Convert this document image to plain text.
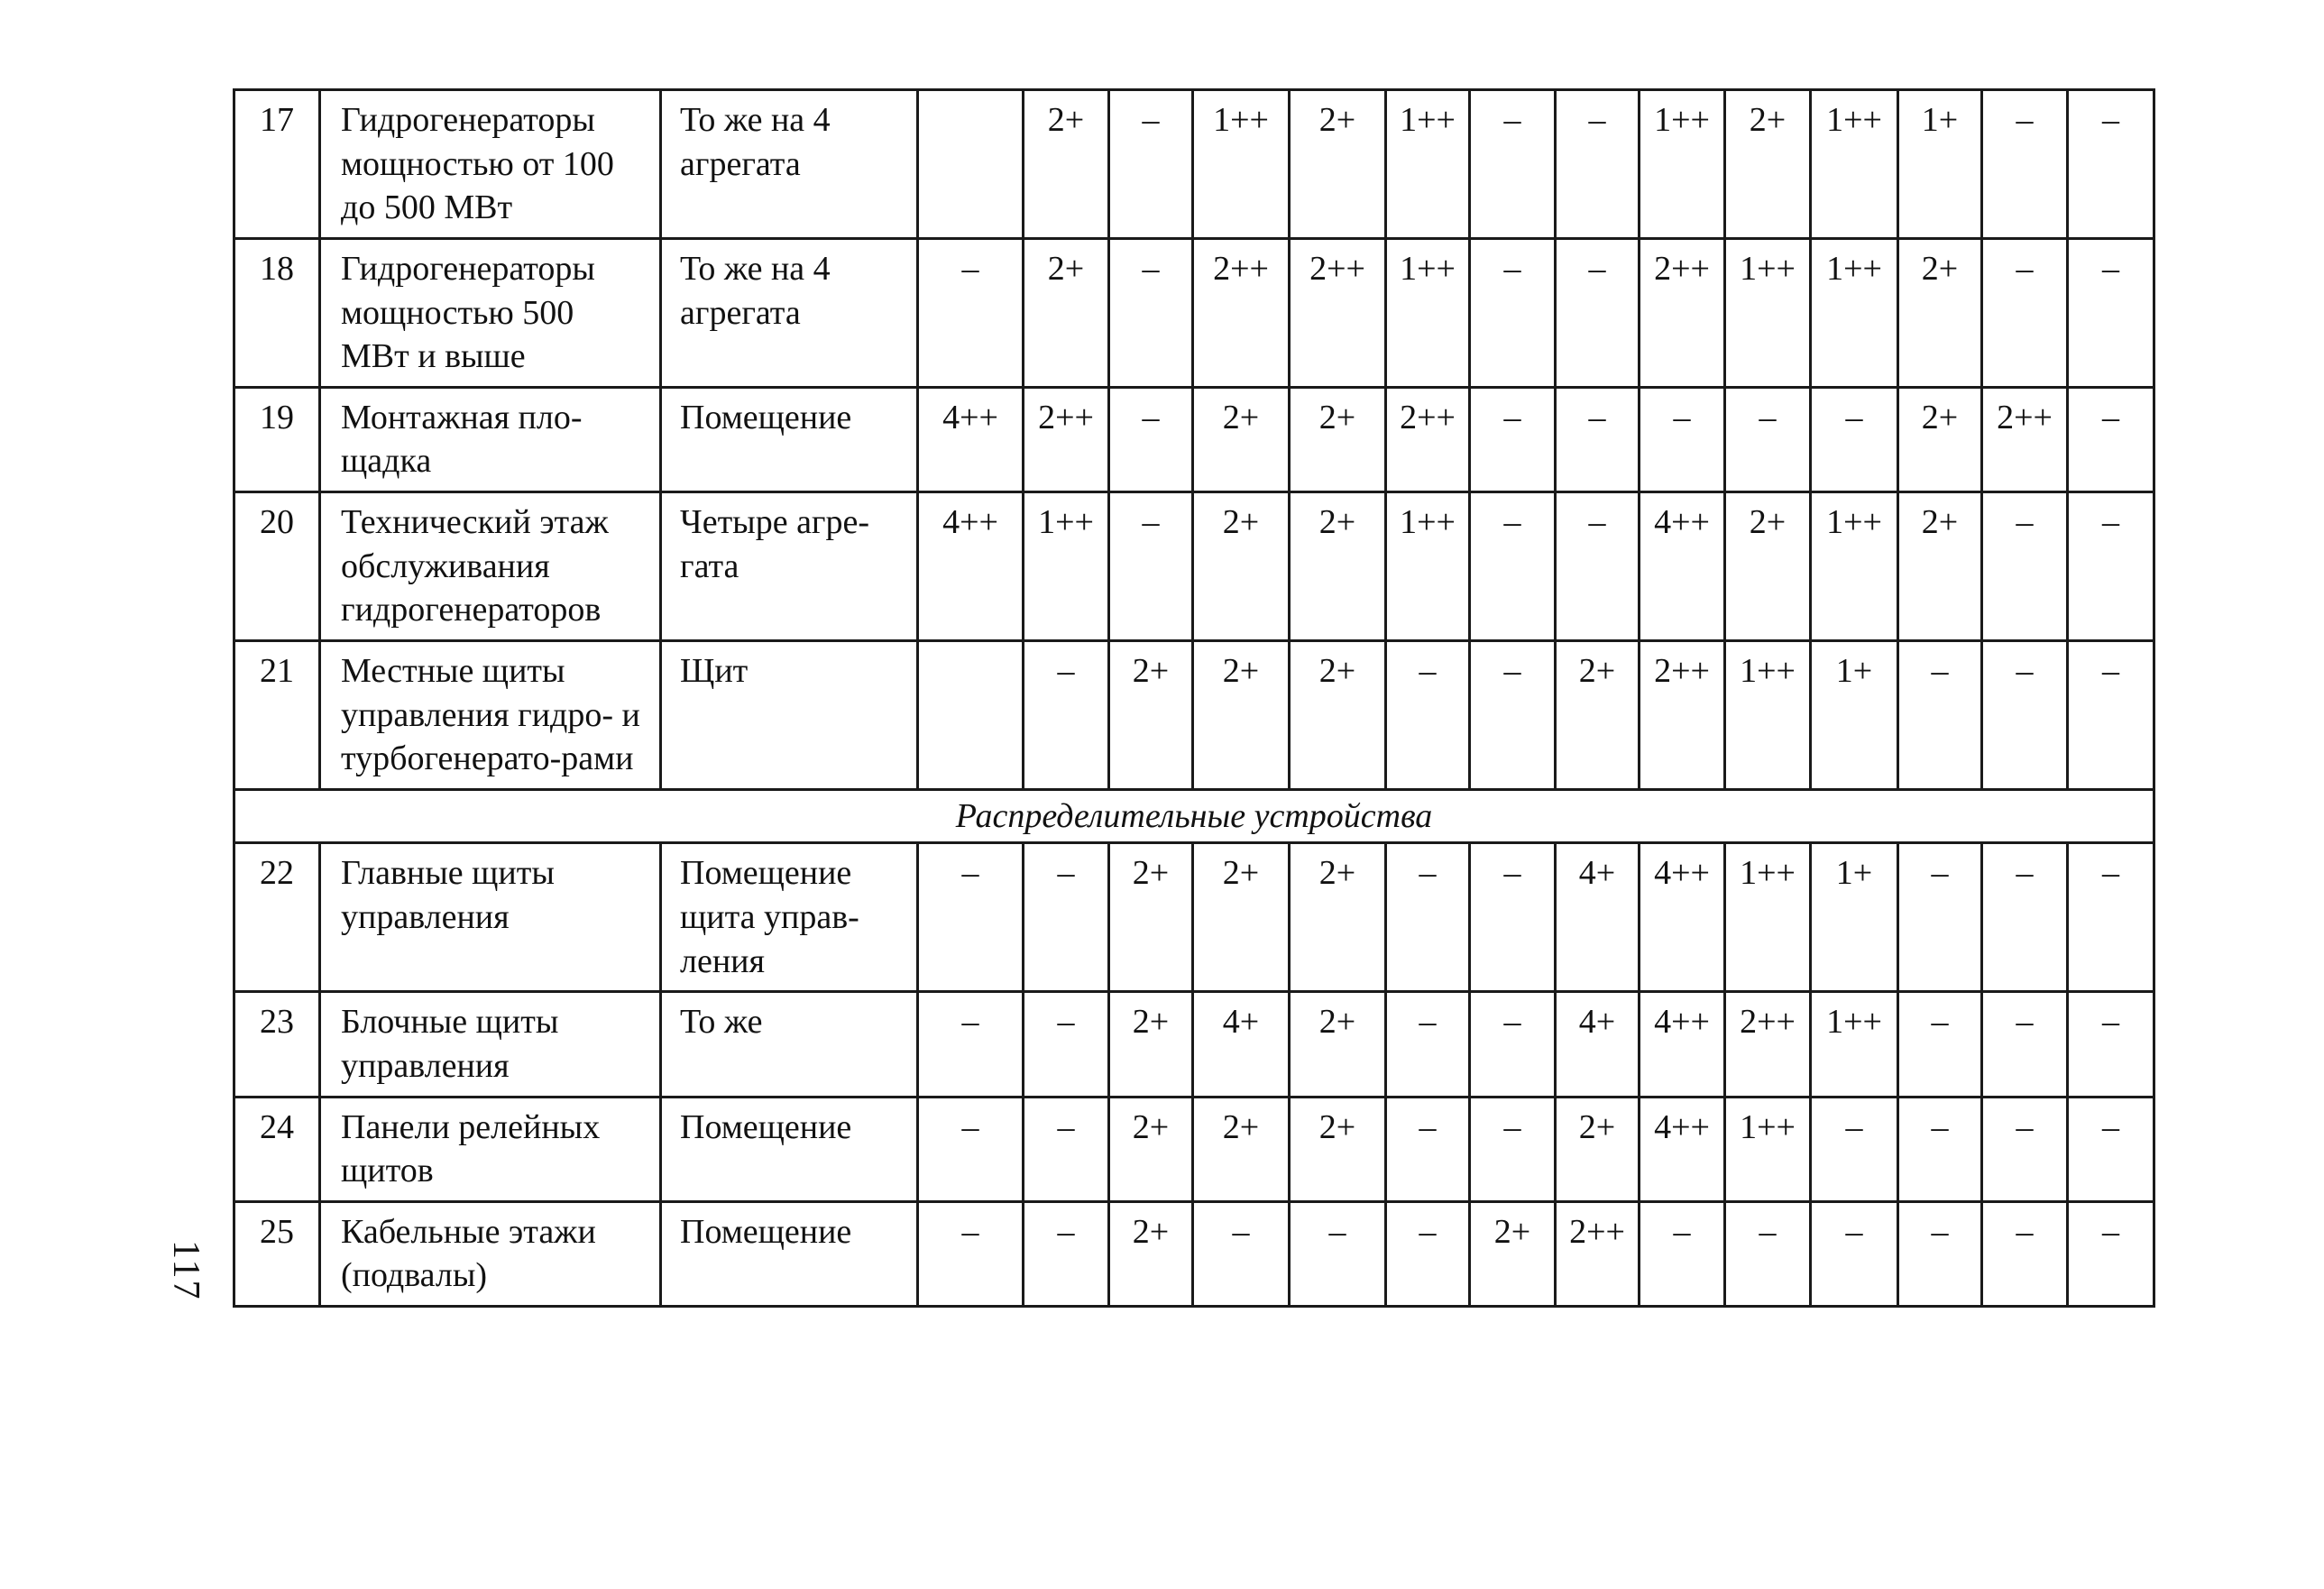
17	Гидрогенераторы мощностью от 100 до 500 МВт	То же на 4 агрегата		2+	–	1++	2+	1++	–	–	1++	2+	1++	1+	–	–
18	Гидрогенераторы мощностью 500 МВт и выше	То же на 4 агрегата	–	2+	–	2++	2++	1++	–	–	2++	1++	1++	2+	–	–
19	Монтажная пло-щадка	Помещение	4++	2++	–	2+	2+	2++	–	–	–	–	–	2+	2++	–
20	Технический этаж обслуживания гидрогенераторов	Четыре агре-гата	4++	1++	–	2+	2+	1++	–	–	4++	2+	1++	2+	–	–
21	Местные щиты управления гидро- и турбогенерато-рами	Щит		–	2+	2+	2+	–	–	2+	2++	1++	1+	–	–	–
Распределительные устройства																
22	Главные щиты управления	Помещение щита управ-ления	–	–	2+	2+	2+	–	–	4+	4++	1++	1+	–	–	–
23	Блочные щиты управления	То же	–	–	2+	4+	2+	–	–	4+	4++	2++	1++	–	–	–
24	Панели релейных щитов	Помещение	–	–	2+	2+	2+	–	–	2+	4++	1++	–	–	–	–
25	Кабельные этажи (подвалы)	Помещение	–	–	2+	–	–	–	2+	2++	–	–	–	–	–	–
117
